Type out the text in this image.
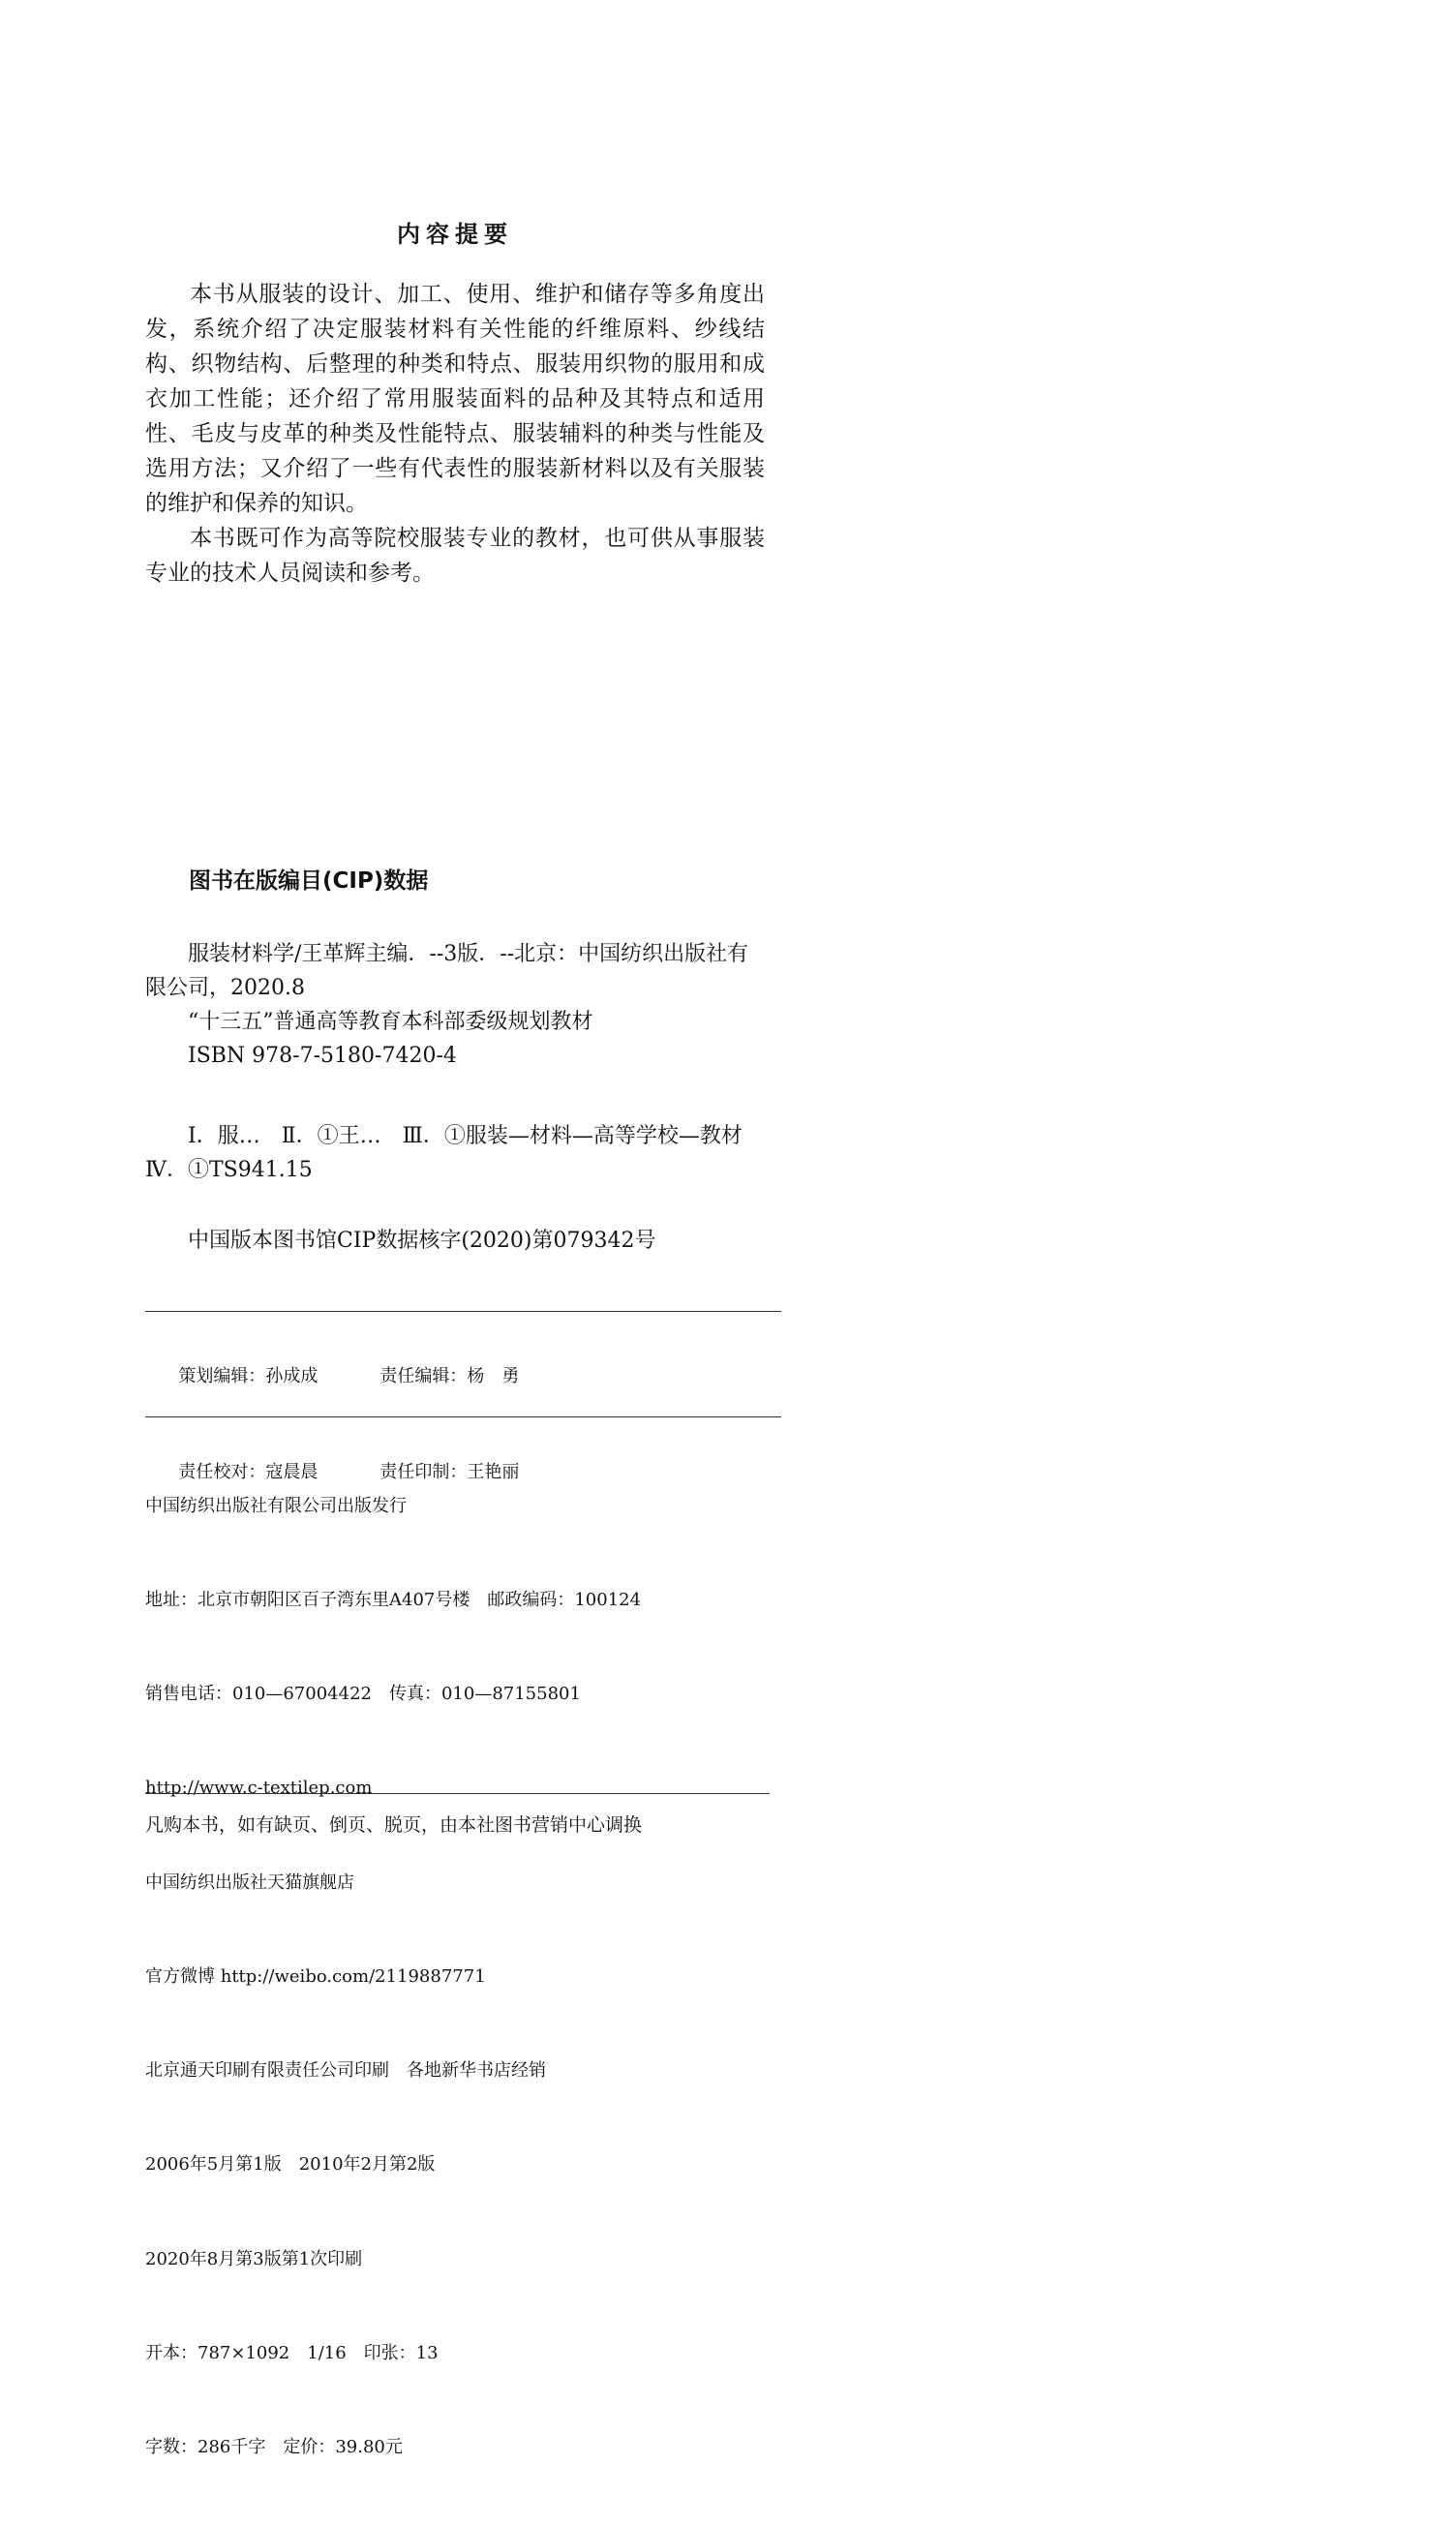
内容提要

本书从服装的设计、加工、使用、维护和储存等多角度出发，系统介绍了决定服装材料有关性能的纤维原料、纱线结构、织物结构、后整理的种类和特点、服装用织物的服用和成衣加工性能；还介绍了常用服装面料的品种及其特点和适用性、毛皮与皮革的种类及性能特点、服装辅料的种类与性能及选用方法；又介绍了一些有代表性的服装新材料以及有关服装的维护和保养的知识。

本书既可作为高等院校服装专业的教材，也可供从事服装专业的技术人员阅读和参考。

图书在版编目(CIP)数据

服装材料学/王革辉主编．--3版．--北京：中国纺织出版社有限公司，2020.8

“十三五”普通高等教育本科部委级规划教材

ISBN 978-7-5180-7420-4

Ⅰ．服…　Ⅱ．①王…　Ⅲ．①服装—材料—高等学校—教材　Ⅳ．①TS941.15

中国版本图书馆CIP数据核字(2020)第079342号

策划编辑：孙成成	责任编辑：杨　勇

责任校对：寇晨晨	责任印制：王艳丽

中国纺织出版社有限公司出版发行

地址：北京市朝阳区百子湾东里A407号楼　邮政编码：100124

销售电话：010—67004422　传真：010—87155801

http://www.c-textilep.com

中国纺织出版社天猫旗舰店

官方微博 http://weibo.com/2119887771

北京通天印刷有限责任公司印刷　各地新华书店经销

2006年5月第1版　2010年2月第2版

2020年8月第3版第1次印刷

开本：787×1092　1/16　印张：13

字数：286千字　定价：39.80元

凡购本书，如有缺页、倒页、脱页，由本社图书营销中心调换
